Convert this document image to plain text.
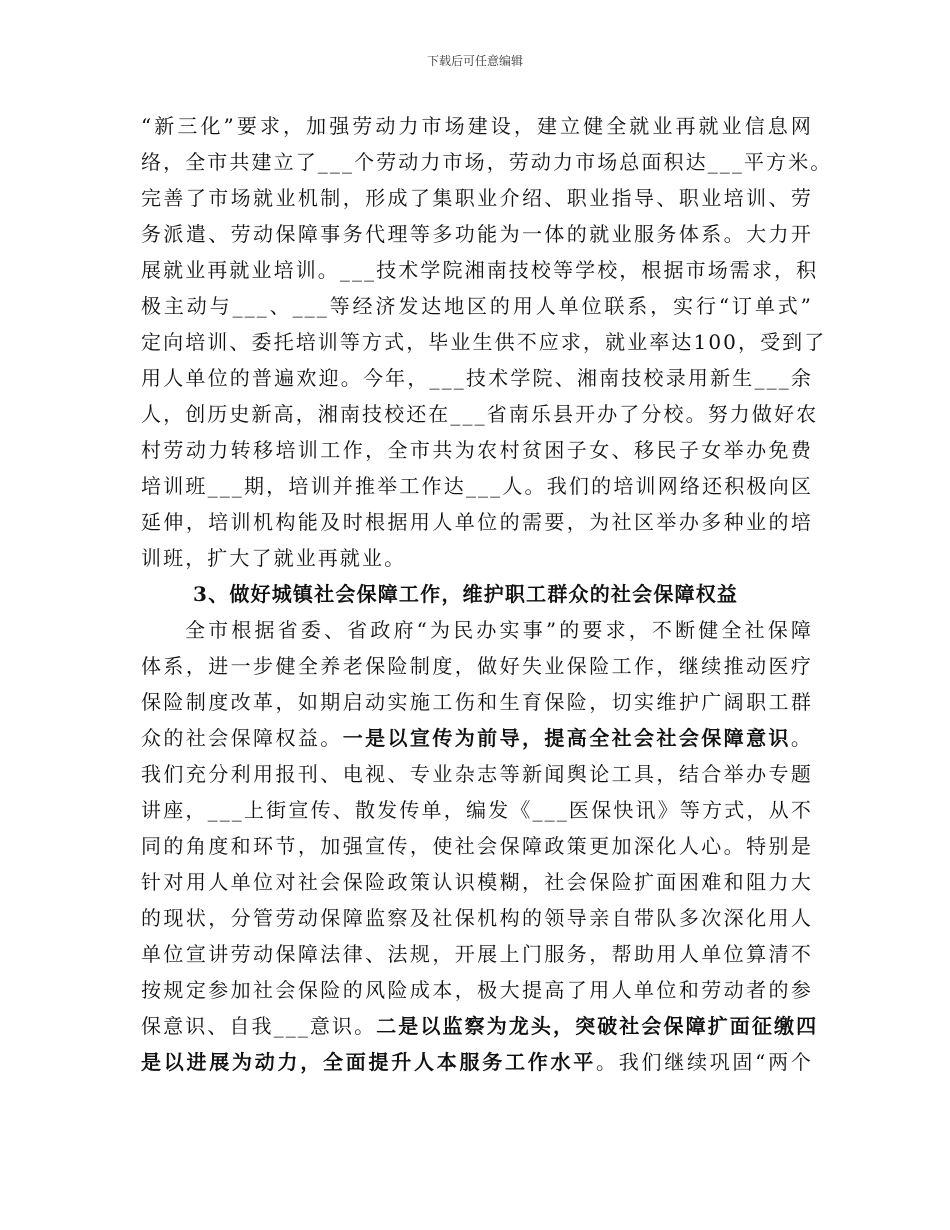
下载后可任意编辑
“新三化”要求，加强劳动力市场建设，建立健全就业再就业信息网
络，全市共建立了___个劳动力市场，劳动力市场总面积达___平方米。
完善了市场就业机制，形成了集职业介绍、职业指导、职业培训、劳
务派遣、劳动保障事务代理等多功能为一体的就业服务体系。大力开
展就业再就业培训。___技术学院湘南技校等学校，根据市场需求，积
极主动与___、___等经济发达地区的用人单位联系，实行“订单式”
定向培训、委托培训等方式，毕业生供不应求，就业率达100，受到了
用人单位的普遍欢迎。今年，___技术学院、湘南技校录用新生___余
人，创历史新高，湘南技校还在___省南乐县开办了分校。努力做好农
村劳动力转移培训工作，全市共为农村贫困子女、移民子女举办免费
培训班___期，培训并推举工作达___人。我们的培训网络还积极向区
延伸，培训机构能及时根据用人单位的需要，为社区举办多种业的培
训班，扩大了就业再就业。
3、做好城镇社会保障工作，维护职工群众的社会保障权益
全市根据省委、省政府“为民办实事”的要求，不断健全社保障
体系，进一步健全养老保险制度，做好失业保险工作，继续推动医疗
保险制度改革，如期启动实施工伤和生育保险，切实维护广阔职工群
众的社会保障权益。一是以宣传为前导，提高全社会社会保障意识。
我们充分利用报刊、电视、专业杂志等新闻舆论工具，结合举办专题
讲座，___上街宣传、散发传单，编发《___医保快讯》等方式，从不
同的角度和环节，加强宣传，使社会保障政策更加深化人心。特别是
针对用人单位对社会保险政策认识模糊，社会保险扩面困难和阻力大
的现状，分管劳动保障监察及社保机构的领导亲自带队多次深化用人
单位宣讲劳动保障法律、法规，开展上门服务，帮助用人单位算清不
按规定参加社会保险的风险成本，极大提高了用人单位和劳动者的参
保意识、自我___意识。二是以监察为龙头，突破社会保障扩面征缴四
是以进展为动力，全面提升人本服务工作水平。我们继续巩固“两个
